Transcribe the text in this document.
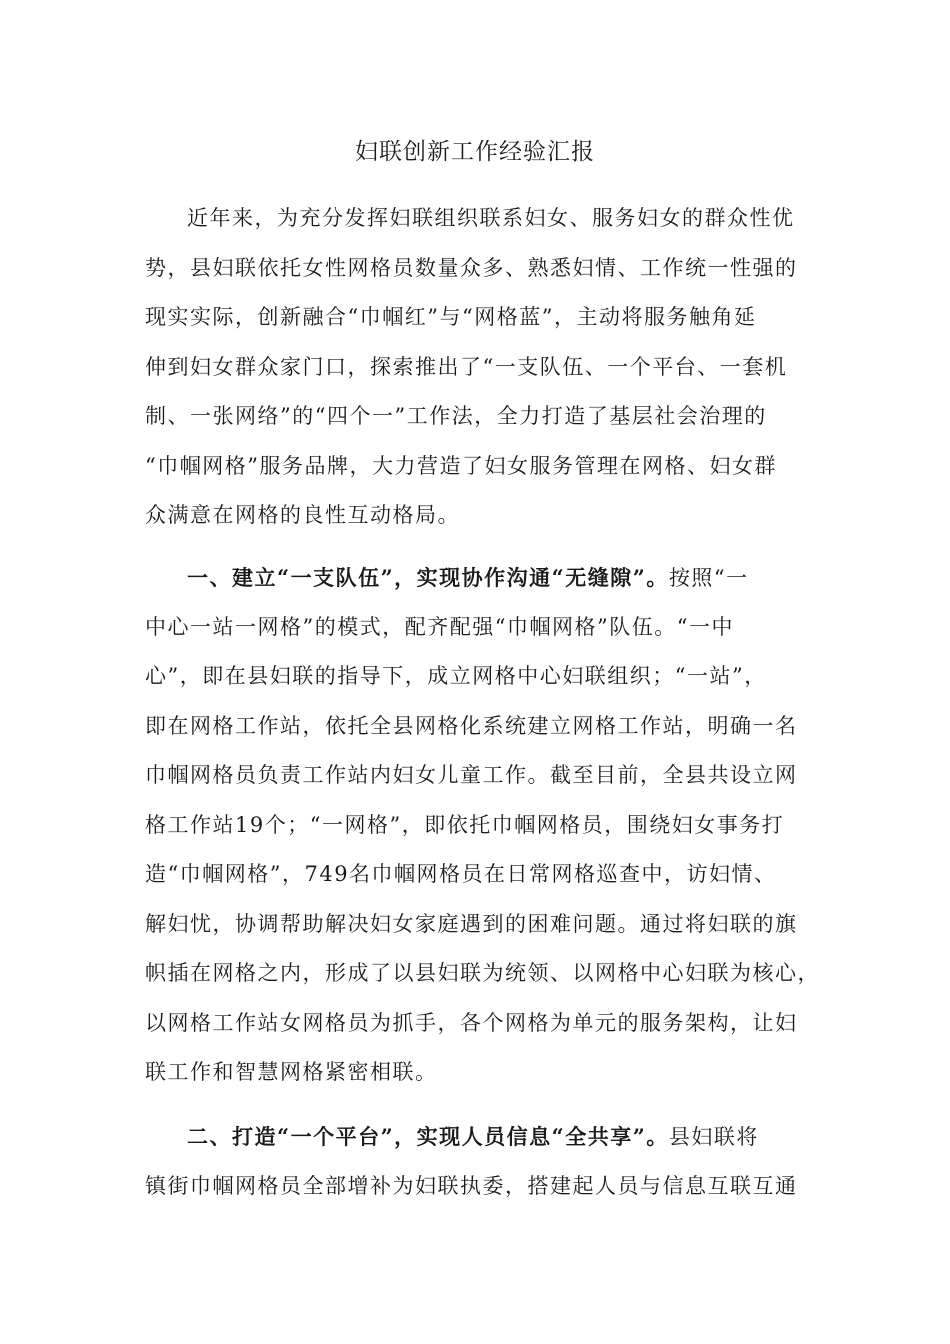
妇联创新工作经验汇报
近年来，为充分发挥妇联组织联系妇女、服务妇女的群众性优
势，县妇联依托女性网格员数量众多、熟悉妇情、工作统一性强的
现实实际，创新融合“巾帼红”与“网格蓝”，主动将服务触角延
伸到妇女群众家门口，探索推出了“一支队伍、一个平台、一套机
制、一张网络”的“四个一”工作法，全力打造了基层社会治理的
“巾帼网格”服务品牌，大力营造了妇女服务管理在网格、妇女群
众满意在网格的良性互动格局。
一、建立“一支队伍”，实现协作沟通“无缝隙”。按照“一
中心一站一网格”的模式，配齐配强“巾帼网格”队伍。“一中
心”，即在县妇联的指导下，成立网格中心妇联组织；“一站”，
即在网格工作站，依托全县网格化系统建立网格工作站，明确一名
巾帼网格员负责工作站内妇女儿童工作。截至目前，全县共设立网
格工作站19个；“一网格”，即依托巾帼网格员，围绕妇女事务打
造“巾帼网格”，749名巾帼网格员在日常网格巡查中，访妇情、
解妇忧，协调帮助解决妇女家庭遇到的困难问题。通过将妇联的旗
帜插在网格之内，形成了以县妇联为统领、以网格中心妇联为核心，
以网格工作站女网格员为抓手，各个网格为单元的服务架构，让妇
联工作和智慧网格紧密相联。
二、打造“一个平台”，实现人员信息“全共享”。县妇联将
镇街巾帼网格员全部增补为妇联执委，搭建起人员与信息互联互通
